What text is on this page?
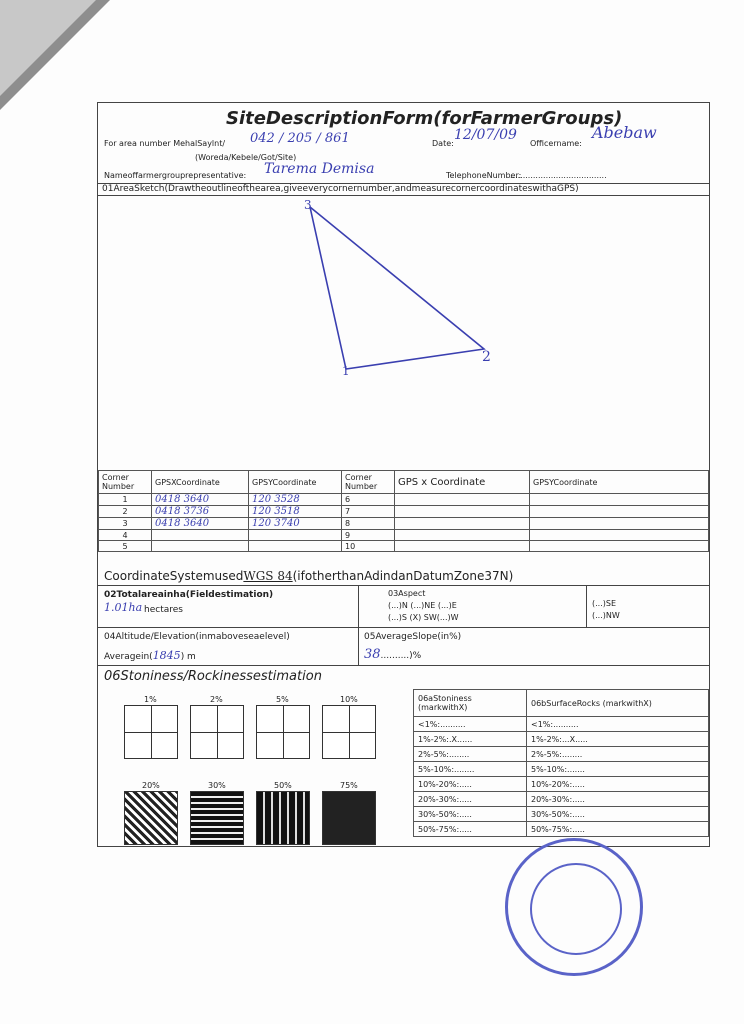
SiteDescriptionForm(forFarmerGroups)
For area number MehalSaylnt/ 042 / 205 / 861
(Woreda/Kebele/Got/Site)
Date:
12/07/09
Officername:
Abebaw
Nameoffarmergrouprepresentative: Tarema Demisa	TelephoneNumber:
......................................
01AreaSketch(Drawtheoutlineofthearea,giveeverycornernumber,andmeasurecornercoordinateswithaGPS)
3
1
2
Corner Number	GPSXCoordinate	GPSYCoordinate	Corner Number	GPS x Coordinate	GPSYCoordinate
1	0418 3640	120 3528	6		
2	0418 3736	120 3518	7		
3	0418 3640	120 3740	8		
4			9		
5			10		
CoordinateSystemusedWGS 84(ifotherthanAdindanDatumZone37N)
02Totalareainha(Fieldestimation)
1.01ha hectares
03Aspect
(...)N (...)NE (...)E
(...)S (X) SW(...)W
(...)SE
(...)NW
04Altitude/Elevation(inmaboveseaelevel)
Averagein(1845) m
05AverageSlope(in%)
38..........)%
06Stoniness/Rockinessestimation
1%	2%	5%	10%
20%	30%	50%	75%
06aStoniness (markwithX)	06bSurfaceRocks (markwithX)
<1%:..........	<1%:..........
1%-2%:.X......	1%-2%:...X.....
2%-5%:........	2%-5%:........
5%-10%:........	5%-10%:.......
10%-20%:.....	10%-20%:.....
20%-30%:.....	20%-30%:.....
30%-50%:.....	30%-50%:.....
50%-75%:.....	50%-75%:.....
